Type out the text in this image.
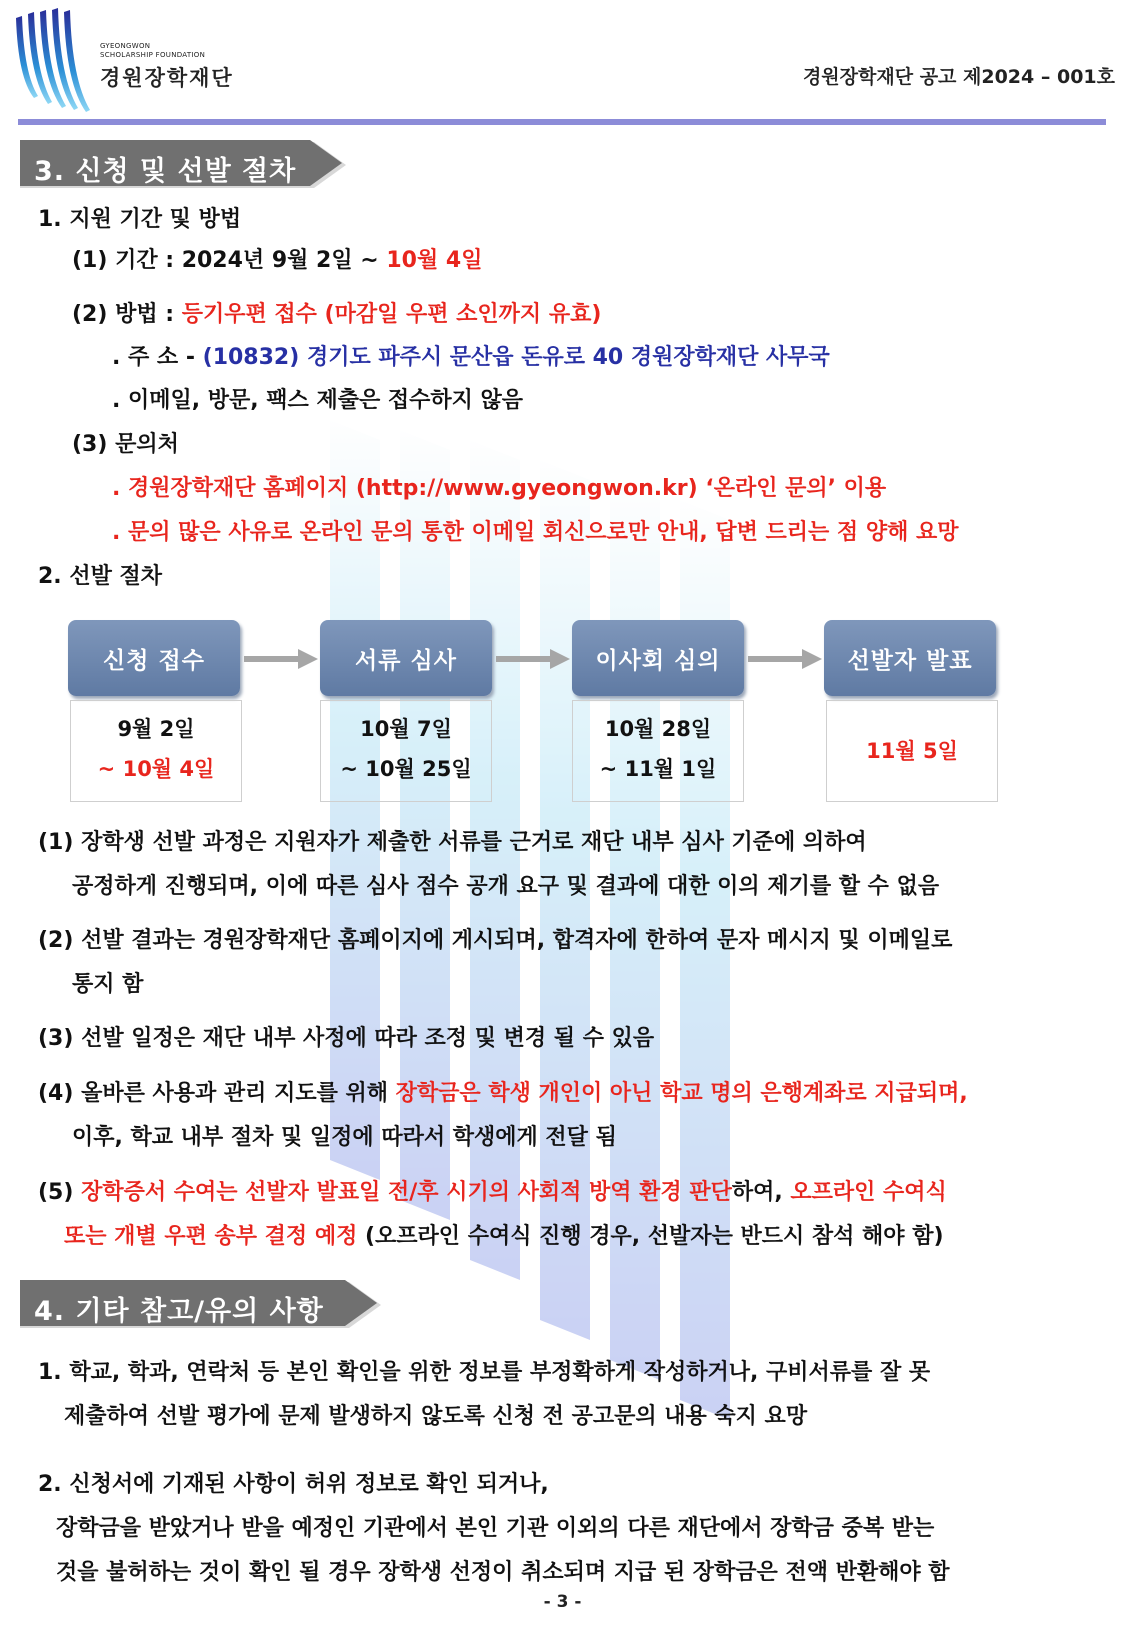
GYEONGWON
SCHOLARSHIP FOUNDATION
경원장학재단	경원장학재단 공고 제2024 – 001호
3. 신청 및 선발 절차
1. 지원 기간 및 방법
(1) 기간 : 2024년 9월 2일 ~ 10월 4일
(2) 방법 : 등기우편 접수 (마감일 우편 소인까지 유효)
. 주 소 - (10832) 경기도 파주시 문산읍 돈유로 40 경원장학재단 사무국
. 이메일, 방문, 팩스 제출은 접수하지 않음
(3) 문의처
. 경원장학재단 홈페이지 (http://www.gyeongwon.kr) ‘온라인 문의’ 이용
. 문의 많은 사유로 온라인 문의 통한 이메일 회신으로만 안내, 답변 드리는 점 양해 요망
2. 선발 절차
신청 접수	서류 심사	이사회 심의	선발자 발표
9월 2일
~ 10월 4일
10월 7일
~ 10월 25일
10월 28일
~ 11월 1일
11월 5일
(1) 장학생 선발 과정은 지원자가 제출한 서류를 근거로 재단 내부 심사 기준에 의하여
공정하게 진행되며, 이에 따른 심사 점수 공개 요구 및 결과에 대한 이의 제기를 할 수 없음
(2) 선발 결과는 경원장학재단 홈페이지에 게시되며, 합격자에 한하여 문자 메시지 및 이메일로
통지 함
(3) 선발 일정은 재단 내부 사정에 따라 조정 및 변경 될 수 있음
(4) 올바른 사용과 관리 지도를 위해 장학금은 학생 개인이 아닌 학교 명의 은행계좌로 지급되며,
이후, 학교 내부 절차 및 일정에 따라서 학생에게 전달 됨
(5) 장학증서 수여는 선발자 발표일 전/후 시기의 사회적 방역 환경 판단하여, 오프라인 수여식
또는 개별 우편 송부 결정 예정 (오프라인 수여식 진행 경우, 선발자는 반드시 참석 해야 함)
4. 기타 참고/유의 사항
1. 학교, 학과, 연락처 등 본인 확인을 위한 정보를 부정확하게 작성하거나, 구비서류를 잘 못
제출하여 선발 평가에 문제 발생하지 않도록 신청 전 공고문의 내용 숙지 요망
2. 신청서에 기재된 사항이 허위 정보로 확인 되거나,
장학금을 받았거나 받을 예정인 기관에서 본인 기관 이외의 다른 재단에서 장학금 중복 받는
것을 불허하는 것이 확인 될 경우 장학생 선정이 취소되며 지급 된 장학금은 전액 반환해야 함
- 3 -
